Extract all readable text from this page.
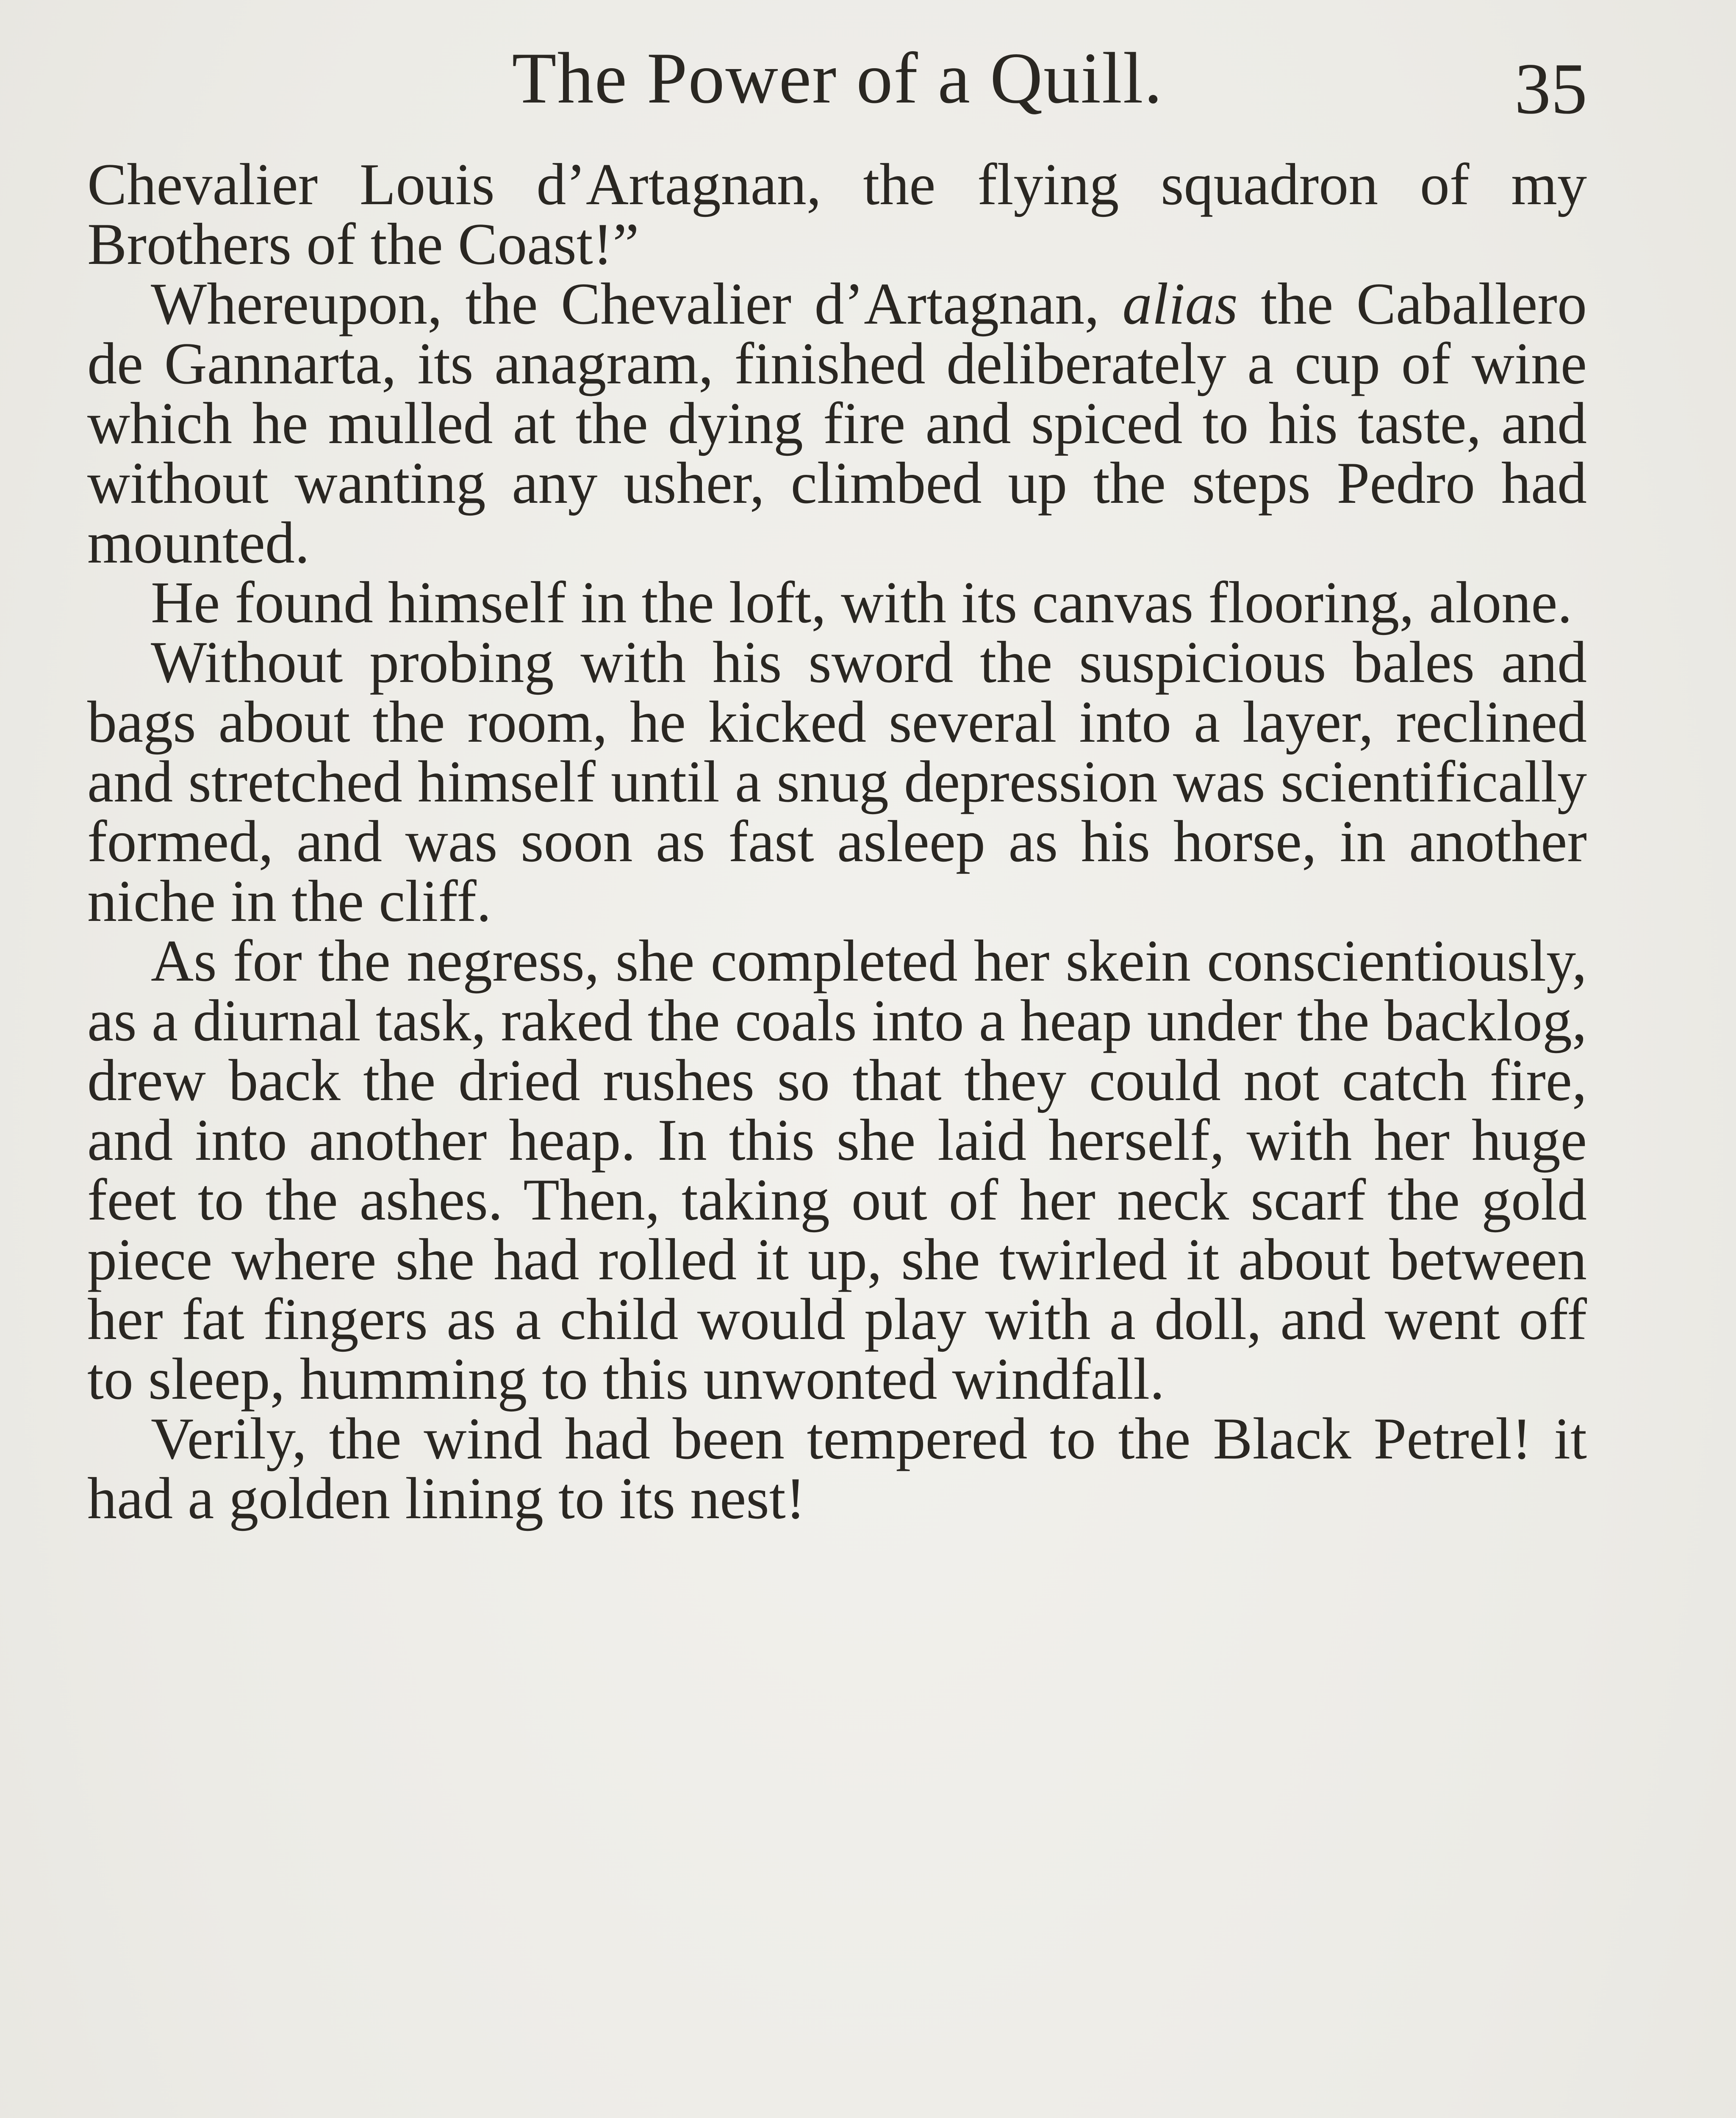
The Power of a Quill.	35

Chevalier Louis d’Artagnan, the flying squadron of my Brothers of the Coast!”

Whereupon, the Chevalier d’Artagnan, alias the Caballero de Gannarta, its anagram, finished deliberately a cup of wine which he mulled at the dying fire and spiced to his taste, and without wanting any usher, climbed up the steps Pedro had mounted.

He found himself in the loft, with its canvas flooring, alone.

Without probing with his sword the suspicious bales and bags about the room, he kicked several into a layer, reclined and stretched himself until a snug depression was scientifically formed, and was soon as fast asleep as his horse, in another niche in the cliff.

As for the negress, she completed her skein conscientiously, as a diurnal task, raked the coals into a heap under the backlog, drew back the dried rushes so that they could not catch fire, and into another heap. In this she laid herself, with her huge feet to the ashes. Then, taking out of her neck scarf the gold piece where she had rolled it up, she twirled it about between her fat fingers as a child would play with a doll, and went off to sleep, humming to this unwonted windfall.

Verily, the wind had been tempered to the Black Petrel! it had a golden lining to its nest!
